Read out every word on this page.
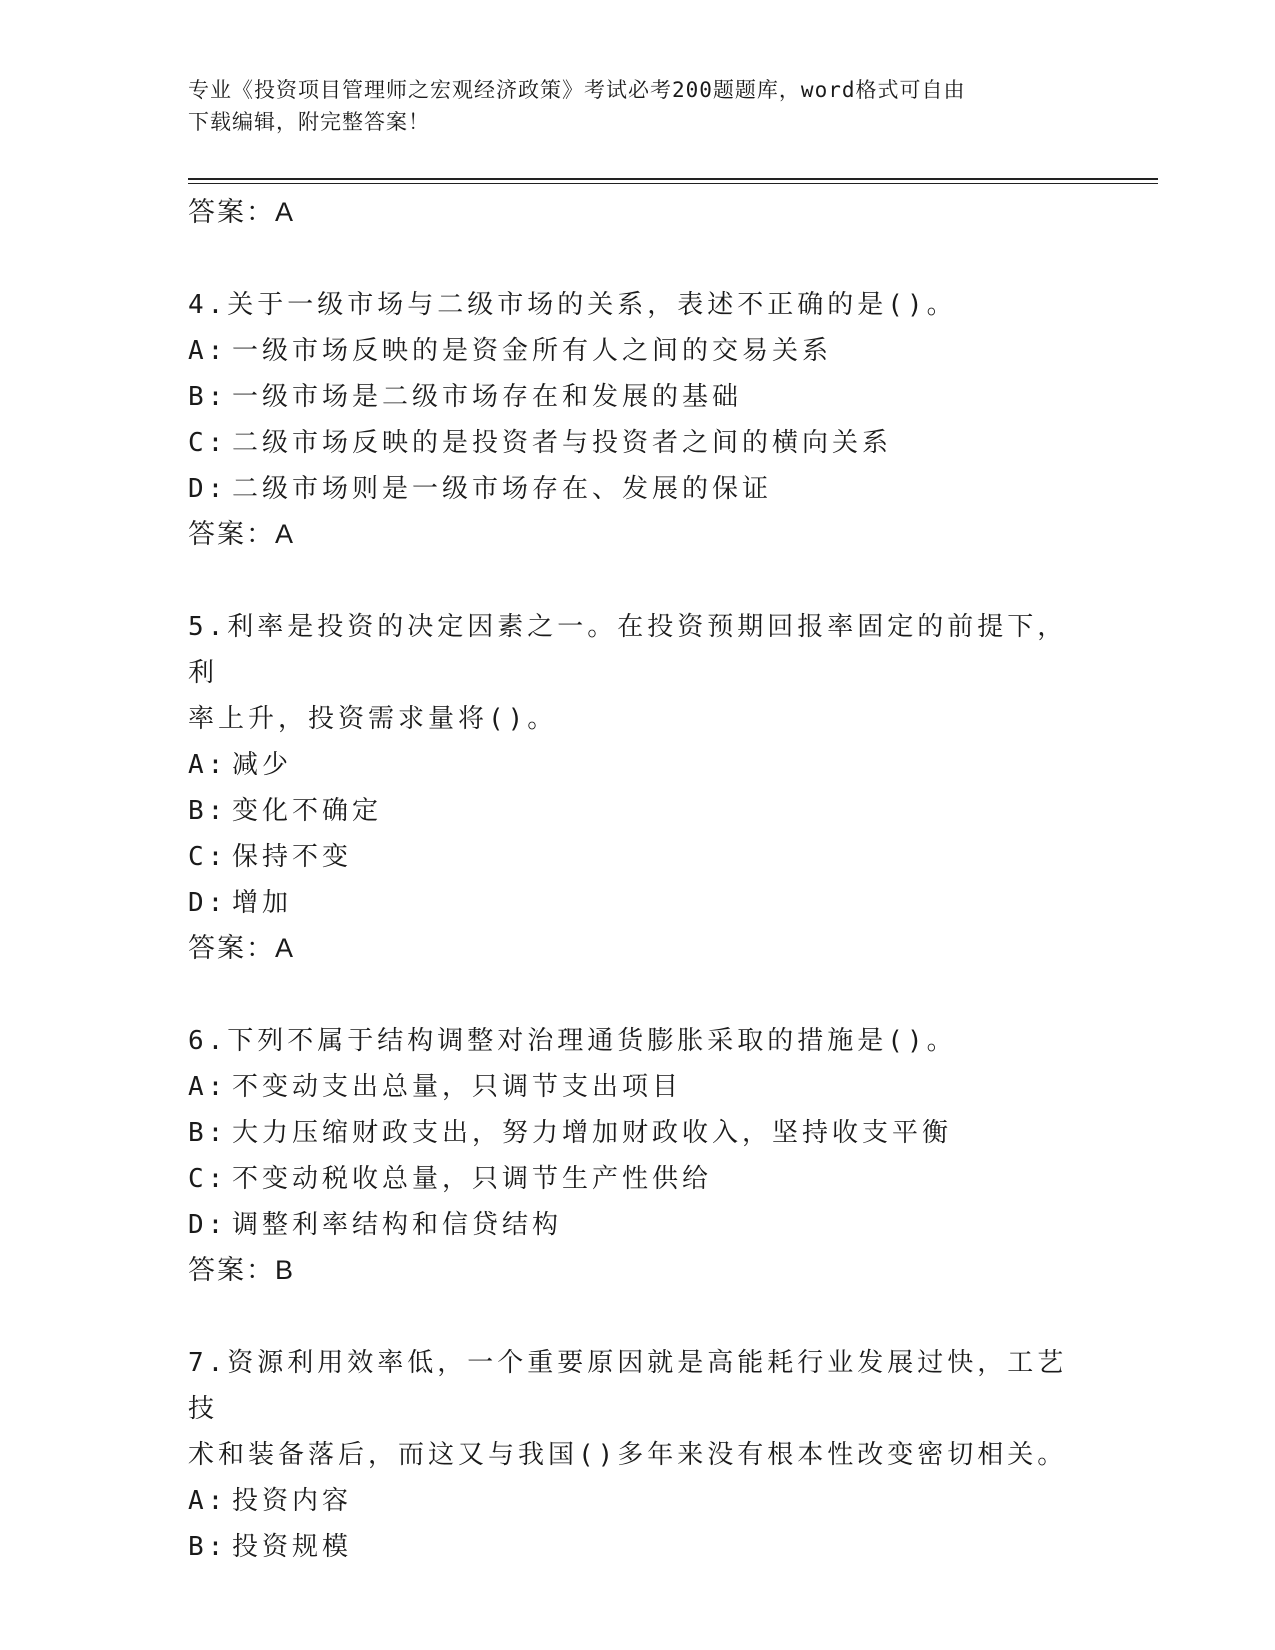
专业《投资项目管理师之宏观经济政策》考试必考200题题库，word格式可自由
下载编辑，附完整答案！
答案：A
4.关于一级市场与二级市场的关系，表述不正确的是()。
A: 一级市场反映的是资金所有人之间的交易关系
B: 一级市场是二级市场存在和发展的基础
C: 二级市场反映的是投资者与投资者之间的横向关系
D: 二级市场则是一级市场存在、发展的保证
答案：A
5.利率是投资的决定因素之一。在投资预期回报率固定的前提下，利
率上升，投资需求量将()。
A: 减少
B: 变化不确定
C: 保持不变
D: 增加
答案：A
6.下列不属于结构调整对治理通货膨胀采取的措施是()。
A: 不变动支出总量，只调节支出项目
B: 大力压缩财政支出，努力增加财政收入，坚持收支平衡
C: 不变动税收总量，只调节生产性供给
D: 调整利率结构和信贷结构
答案：B
7.资源利用效率低，一个重要原因就是高能耗行业发展过快，工艺技
术和装备落后，而这又与我国()多年来没有根本性改变密切相关。
A: 投资内容
B: 投资规模
